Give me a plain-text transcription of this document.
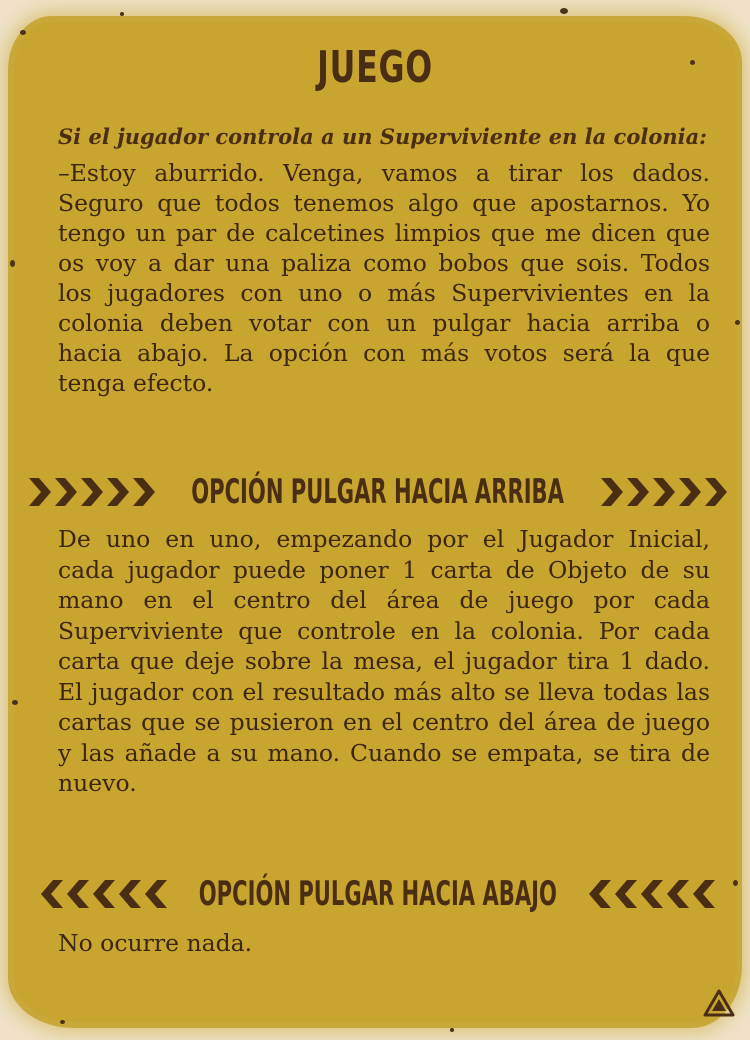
JUEGO
Si el jugador controla a un Superviviente en la colonia:
–Estoy aburrido. Venga, vamos a tirar los dados. Seguro que todos tenemos algo que apostarnos. Yo tengo un par de calcetines limpios que me dicen que os voy a dar una paliza como bobos que sois. Todos los jugadores con uno o más Supervivientes en la colonia deben votar con un pulgar hacia arriba o hacia abajo. La opción con más votos será la que tenga efecto.
OPCIÓN PULGAR HACIA ARRIBA
De uno en uno, empezando por el Jugador Inicial, cada jugador puede poner 1 carta de Objeto de su mano en el centro del área de juego por cada Superviviente que controle en la colonia. Por cada carta que deje sobre la mesa, el jugador tira 1 dado. El jugador con el resultado más alto se lleva todas las cartas que se pusieron en el centro del área de juego y las añade a su mano. Cuando se empata, se tira de nuevo.
OPCIÓN PULGAR HACIA ABAJO
No ocurre nada.
